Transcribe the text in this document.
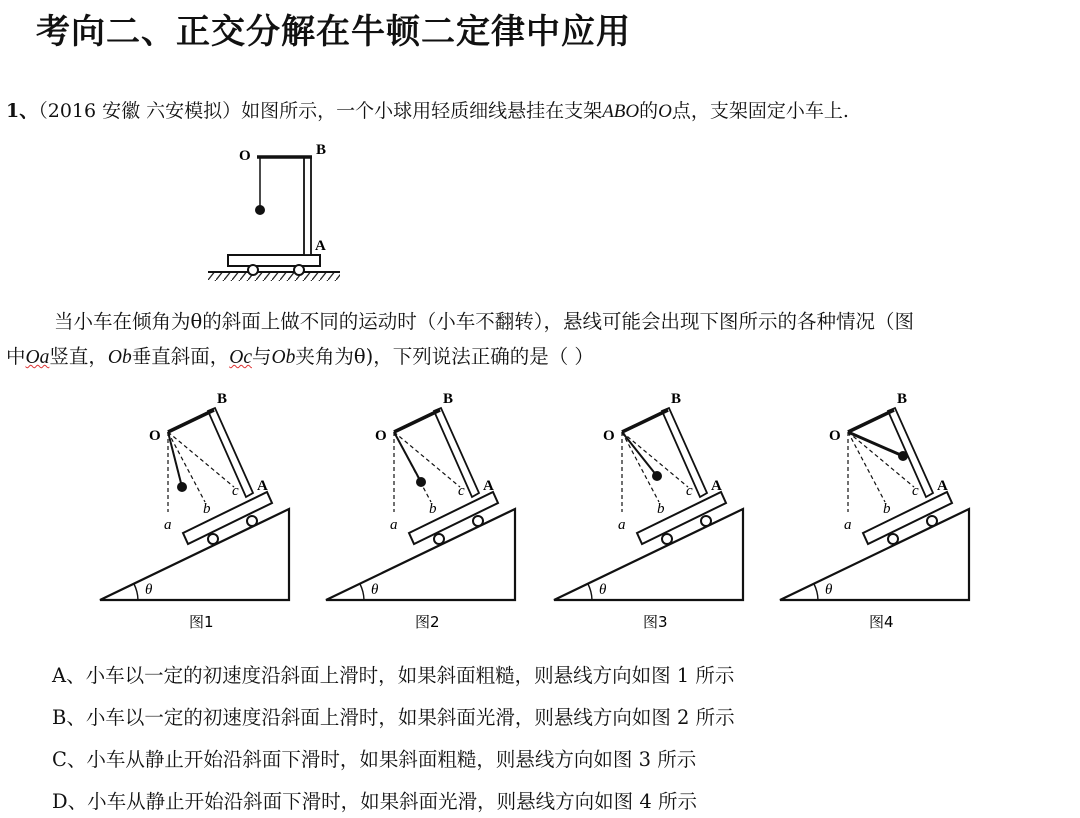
考向二、正交分解在牛顿二定律中应用
1、（2016 安徽 六安模拟）如图所示，一个小球用轻质细线悬挂在支架ABO的O点，支架固定小车上.
当小车在倾角为θ的斜面上做不同的运动时（小车不翻转），悬线可能会出现下图所示的各种情况（图
中Oa竖直，Ob垂直斜面，Oc与Ob夹角为θ)，下列说法正确的是（ ）
O	B
A
θ
O
B
A
a
b
c
图1
θ
O
B
A
a
b
c
图2
θ
O
B
A
a
b
c
图3
θ
O
B
A
a
b
c
图4
A、小车以一定的初速度沿斜面上滑时，如果斜面粗糙，则悬线方向如图 1 所示
B、小车以一定的初速度沿斜面上滑时，如果斜面光滑，则悬线方向如图 2 所示
C、小车从静止开始沿斜面下滑时，如果斜面粗糙，则悬线方向如图 3 所示
D、小车从静止开始沿斜面下滑时，如果斜面光滑，则悬线方向如图 4 所示
